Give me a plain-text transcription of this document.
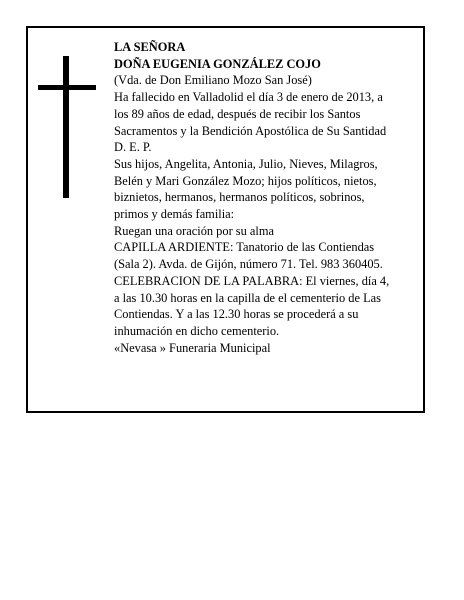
LA SEÑORA
DOÑA EUGENIA GONZÁLEZ COJO
(Vda. de Don Emiliano Mozo San José)
Ha fallecido en Valladolid el día 3 de enero de 2013, a
los 89 años de edad, después de recibir los Santos
Sacramentos y la Bendición Apostólica de Su Santidad
D. E. P.
Sus hijos, Angelita, Antonia, Julio, Nieves, Milagros,
Belén y Mari González Mozo; hijos políticos, nietos,
biznietos, hermanos, hermanos políticos, sobrinos,
primos y demás familia:
Ruegan una oración por su alma
CAPILLA ARDIENTE: Tanatorio de las Contiendas
(Sala 2). Avda. de Gijón, número 71. Tel. 983 360405.
CELEBRACION DE LA PALABRA: El viernes, día 4,
a las 10.30 horas en la capilla de el cementerio de Las
Contiendas. Y a las 12.30 horas se procederá a su
inhumación en dicho cementerio.
«Nevasa » Funeraria Municipal
